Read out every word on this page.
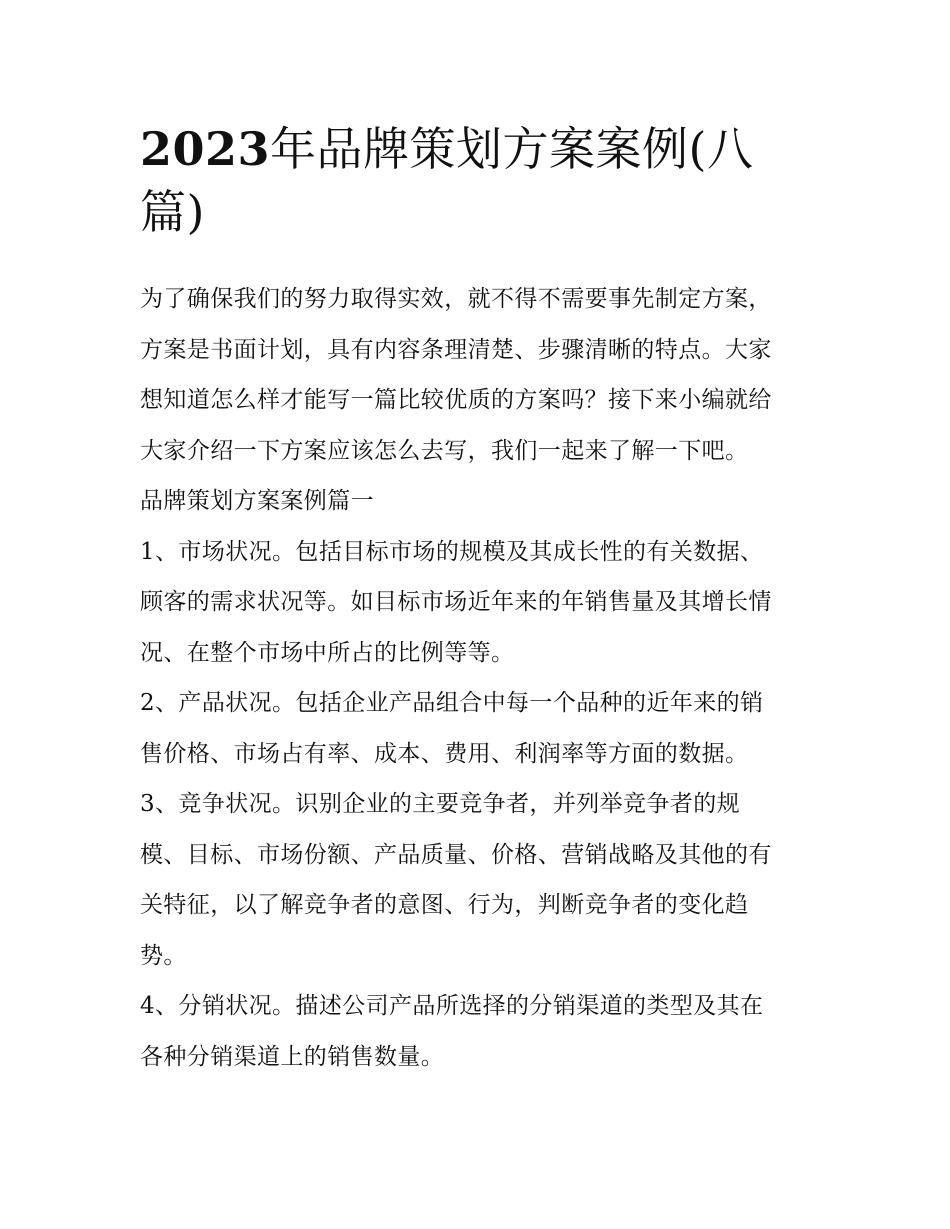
2023年品牌策划方案案例(八
篇)

为了确保我们的努力取得实效，就不得不需要事先制定方案，
方案是书面计划，具有内容条理清楚、步骤清晰的特点。大家
想知道怎么样才能写一篇比较优质的方案吗？接下来小编就给
大家介绍一下方案应该怎么去写，我们一起来了解一下吧。

品牌策划方案案例篇一

1、市场状况。包括目标市场的规模及其成长性的有关数据、
顾客的需求状况等。如目标市场近年来的年销售量及其增长情
况、在整个市场中所占的比例等等。

2、产品状况。包括企业产品组合中每一个品种的近年来的销
售价格、市场占有率、成本、费用、利润率等方面的数据。

3、竞争状况。识别企业的主要竞争者，并列举竞争者的规
模、目标、市场份额、产品质量、价格、营销战略及其他的有
关特征，以了解竞争者的意图、行为，判断竞争者的变化趋
势。

4、分销状况。描述公司产品所选择的分销渠道的类型及其在
各种分销渠道上的销售数量。
